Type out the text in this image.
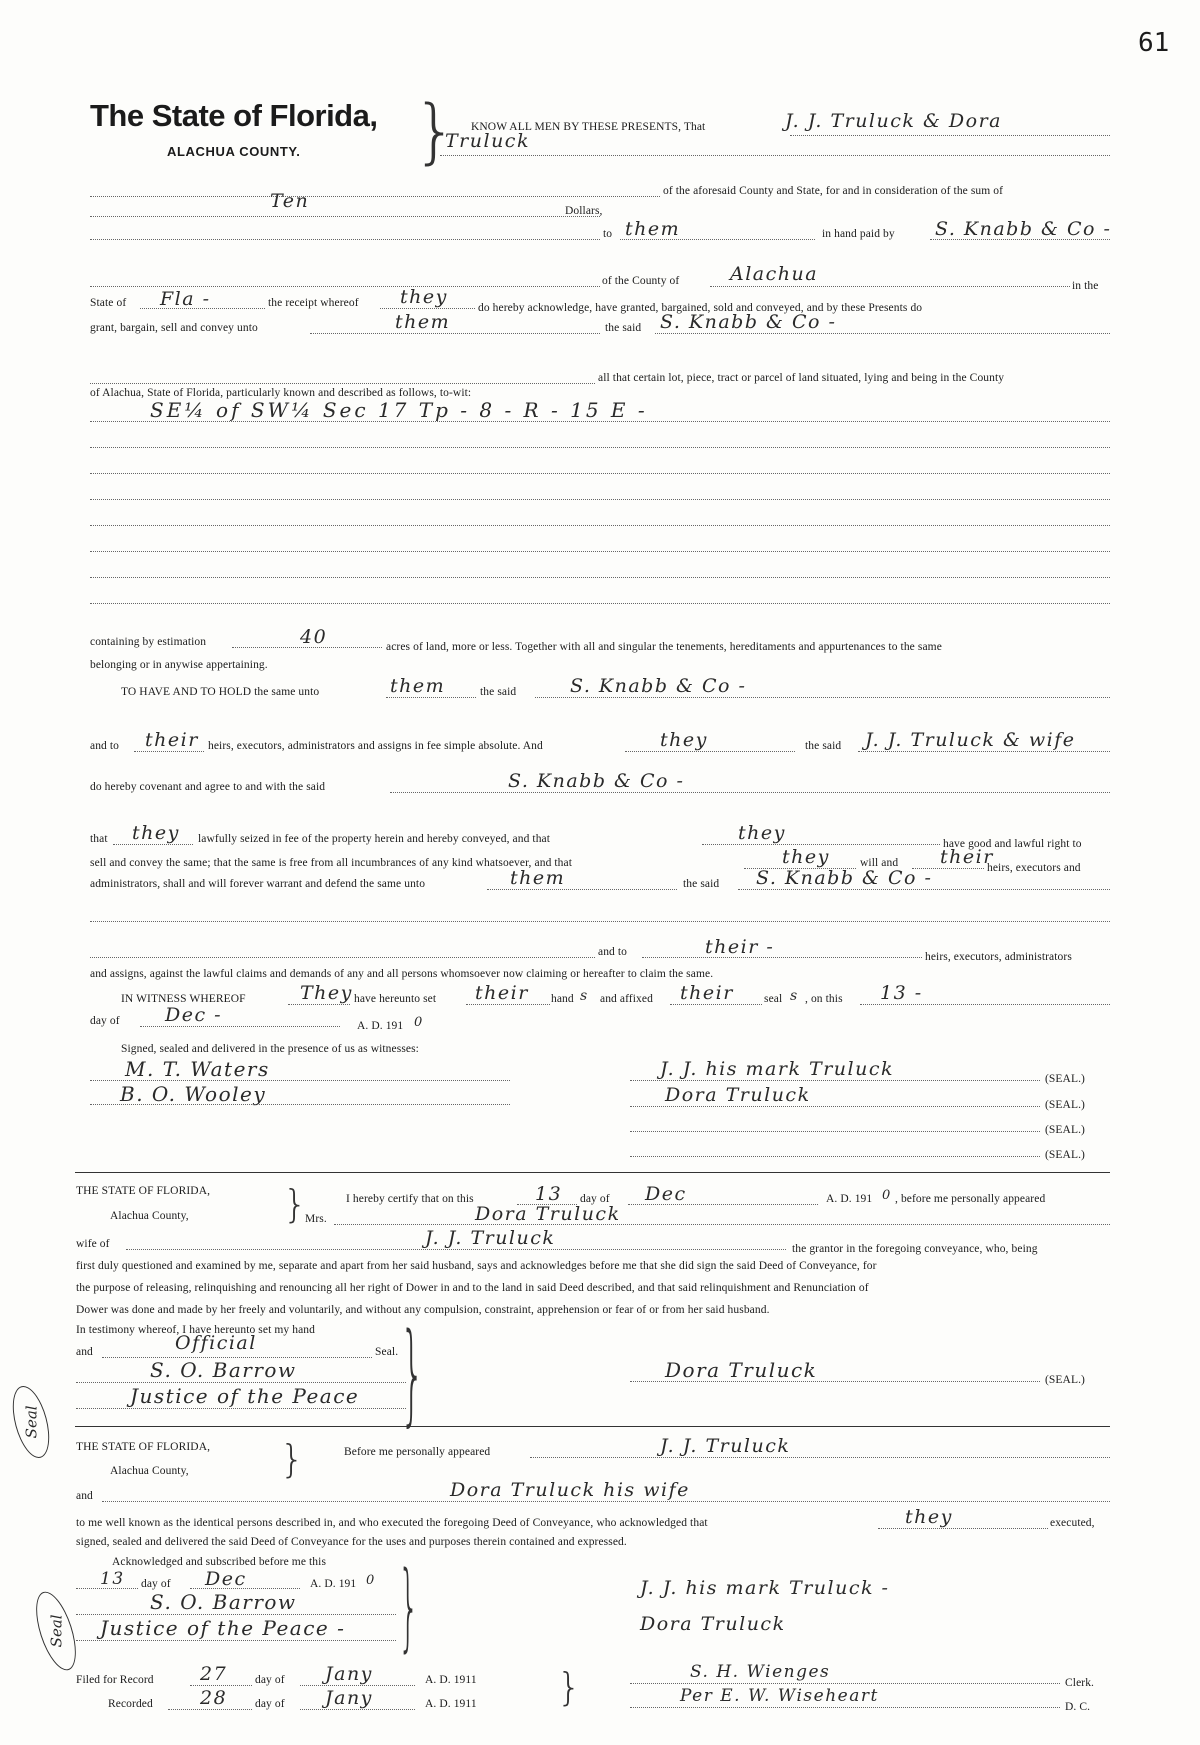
61
The State of Florida,
ALACHUA COUNTY. } KNOW ALL MEN BY THESE PRESENTS, That	J. J. Truluck & Dora
Truluck
of the aforesaid County and State, for and in consideration of the sum of
Ten	Dollars,
to them	in hand paid by S. Knabb & Co -
of the County of	Alachua
in the
State of Fla -	the receipt whereof they	do hereby acknowledge, have granted, bargained, sold and conveyed, and by these Presents do
grant, bargain, sell and convey unto	them	the said S. Knabb & Co -
all that certain lot, piece, tract or parcel of land situated, lying and being in the County
of Alachua, State of Florida, particularly known and described as follows, to-wit:
SE¼ of SW¼ Sec 17 Tp - 8 - R - 15 E -
containing by estimation	40	acres of land, more or less. Together with all and singular the tenements, hereditaments and appurtenances to the same
belonging or in anywise appertaining.
TO HAVE AND TO HOLD the same unto	them	the said	S. Knabb & Co -
and to their heirs, executors, administrators and assigns in fee simple absolute. And	they	the said J. J. Truluck & wife
do hereby covenant and agree to and with the said	S. Knabb & Co -
that they lawfully seized in fee of the property herein and hereby conveyed, and that	they	have good and lawful right to
sell and convey the same; that the same is free from all incumbrances of any kind whatsoever, and that	they	will and their
heirs, executors and
administrators, shall and will forever warrant and defend the same unto	them	the said S. Knabb & Co -
and to	their -	heirs, executors, administrators
and assigns, against the lawful claims and demands of any and all persons whomsoever now claiming or hereafter to claim the same.
IN WITNESS WHEREOF	They have hereunto set their hand s and affixed their	seal s , on this 13 -
day of Dec -	A. D. 191 0
Signed, sealed and delivered in the presence of us as witnesses:
M. T. Waters
B. O. Wooley
J. J. his mark Truluck	(SEAL.)
Dora Truluck	(SEAL.)
(SEAL.)
(SEAL.)
THE STATE OF FLORIDA,
Alachua County, }	I hereby certify that on this	13 day of Dec	A. D. 191 0 , before me personally appeared
Mrs.	Dora Truluck
wife of	J. J. Truluck	the grantor in the foregoing conveyance, who, being
first duly questioned and examined by me, separate and apart from her said husband, says and acknowledges before me that she did sign the said Deed of Conveyance, for
the purpose of releasing, relinquishing and renouncing all her right of Dower in and to the land in said Deed described, and that said relinquishment and Renunciation of
Dower was done and made by her freely and voluntarily, and without any compulsion, constraint, apprehension or fear of or from her said husband.
In testimony whereof, I have hereunto set my hand
and	Official	Seal.
S. O. Barrow
Justice of the Peace }	Dora Truluck	(SEAL.)
Seal
THE STATE OF FLORIDA,
Alachua County, }	Before me personally appeared	J. J. Truluck
and	Dora Truluck his wife
to me well known as the identical persons described in, and who executed the foregoing Deed of Conveyance, who acknowledged that	they	executed,
signed, sealed and delivered the said Deed of Conveyance for the uses and purposes therein contained and expressed.
Acknowledged and subscribed before me this
13 day of Dec	A. D. 191 0
S. O. Barrow
Justice of the Peace - }	J. J. his mark Truluck -
Dora Truluck
Seal
Filed for Record 27 day of Jany	A. D. 1911
Recorded 28 day of Jany	A. D. 1911 }	S. H. Wienges
Clerk.
Per E. W. Wiseheart
D. C.
